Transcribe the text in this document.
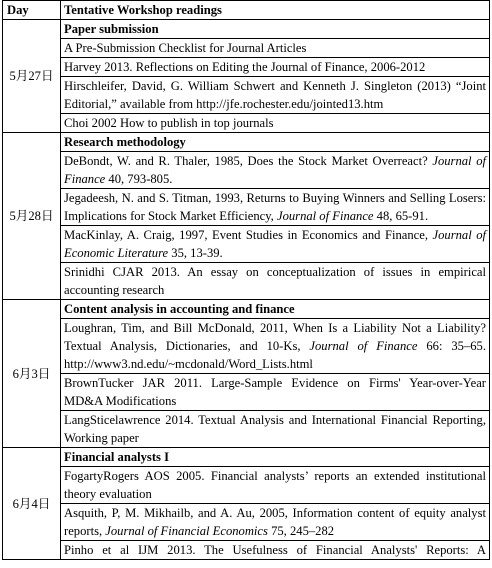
Day	Tentative Workshop readings
5月27日	Paper submission
	A Pre-Submission Checklist for Journal Articles
	Harvey 2013. Reflections on Editing the Journal of Finance, 2006-2012
	Hirschleifer, David, G. William Schwert and Kenneth J. Singleton (2013) “Joint Editorial,” available from http://jfe.rochester.edu/jointed13.htm
	Choi 2002 How to publish in top journals
5月28日	Research methodology
	DeBondt, W. and R. Thaler, 1985, Does the Stock Market Overreact? Journal of Finance 40, 793-805.
	Jegadeesh, N. and S. Titman, 1993, Returns to Buying Winners and Selling Losers: Implications for Stock Market Efficiency, Journal of Finance 48, 65-91.
	MacKinlay, A. Craig, 1997, Event Studies in Economics and Finance, Journal of Economic Literature 35, 13-39.
	Srinidhi CJAR 2013. An essay on conceptualization of issues in empirical accounting research
6月3日	Content analysis in accounting and finance
	Loughran, Tim, and Bill McDonald, 2011, When Is a Liability Not a Liability? Textual Analysis, Dictionaries, and 10-Ks, Journal of Finance 66: 35–65. http://www3.nd.edu/~mcdonald/Word_Lists.html
	BrownTucker JAR 2011. Large-Sample Evidence on Firms' Year-over-Year MD&A Modifications
	LangSticelawrence 2014. Textual Analysis and International Financial Reporting, Working paper
6月4日	Financial analysts I
	FogartyRogers AOS 2005. Financial analysts’ reports an extended institutional theory evaluation
	Asquith, P, M. Mikhailb, and A. Au, 2005, Information content of equity analyst reports, Journal of Financial Economics 75, 245–282
	Pinho et al IJM 2013. The Usefulness of Financial Analysts' Reports: A
